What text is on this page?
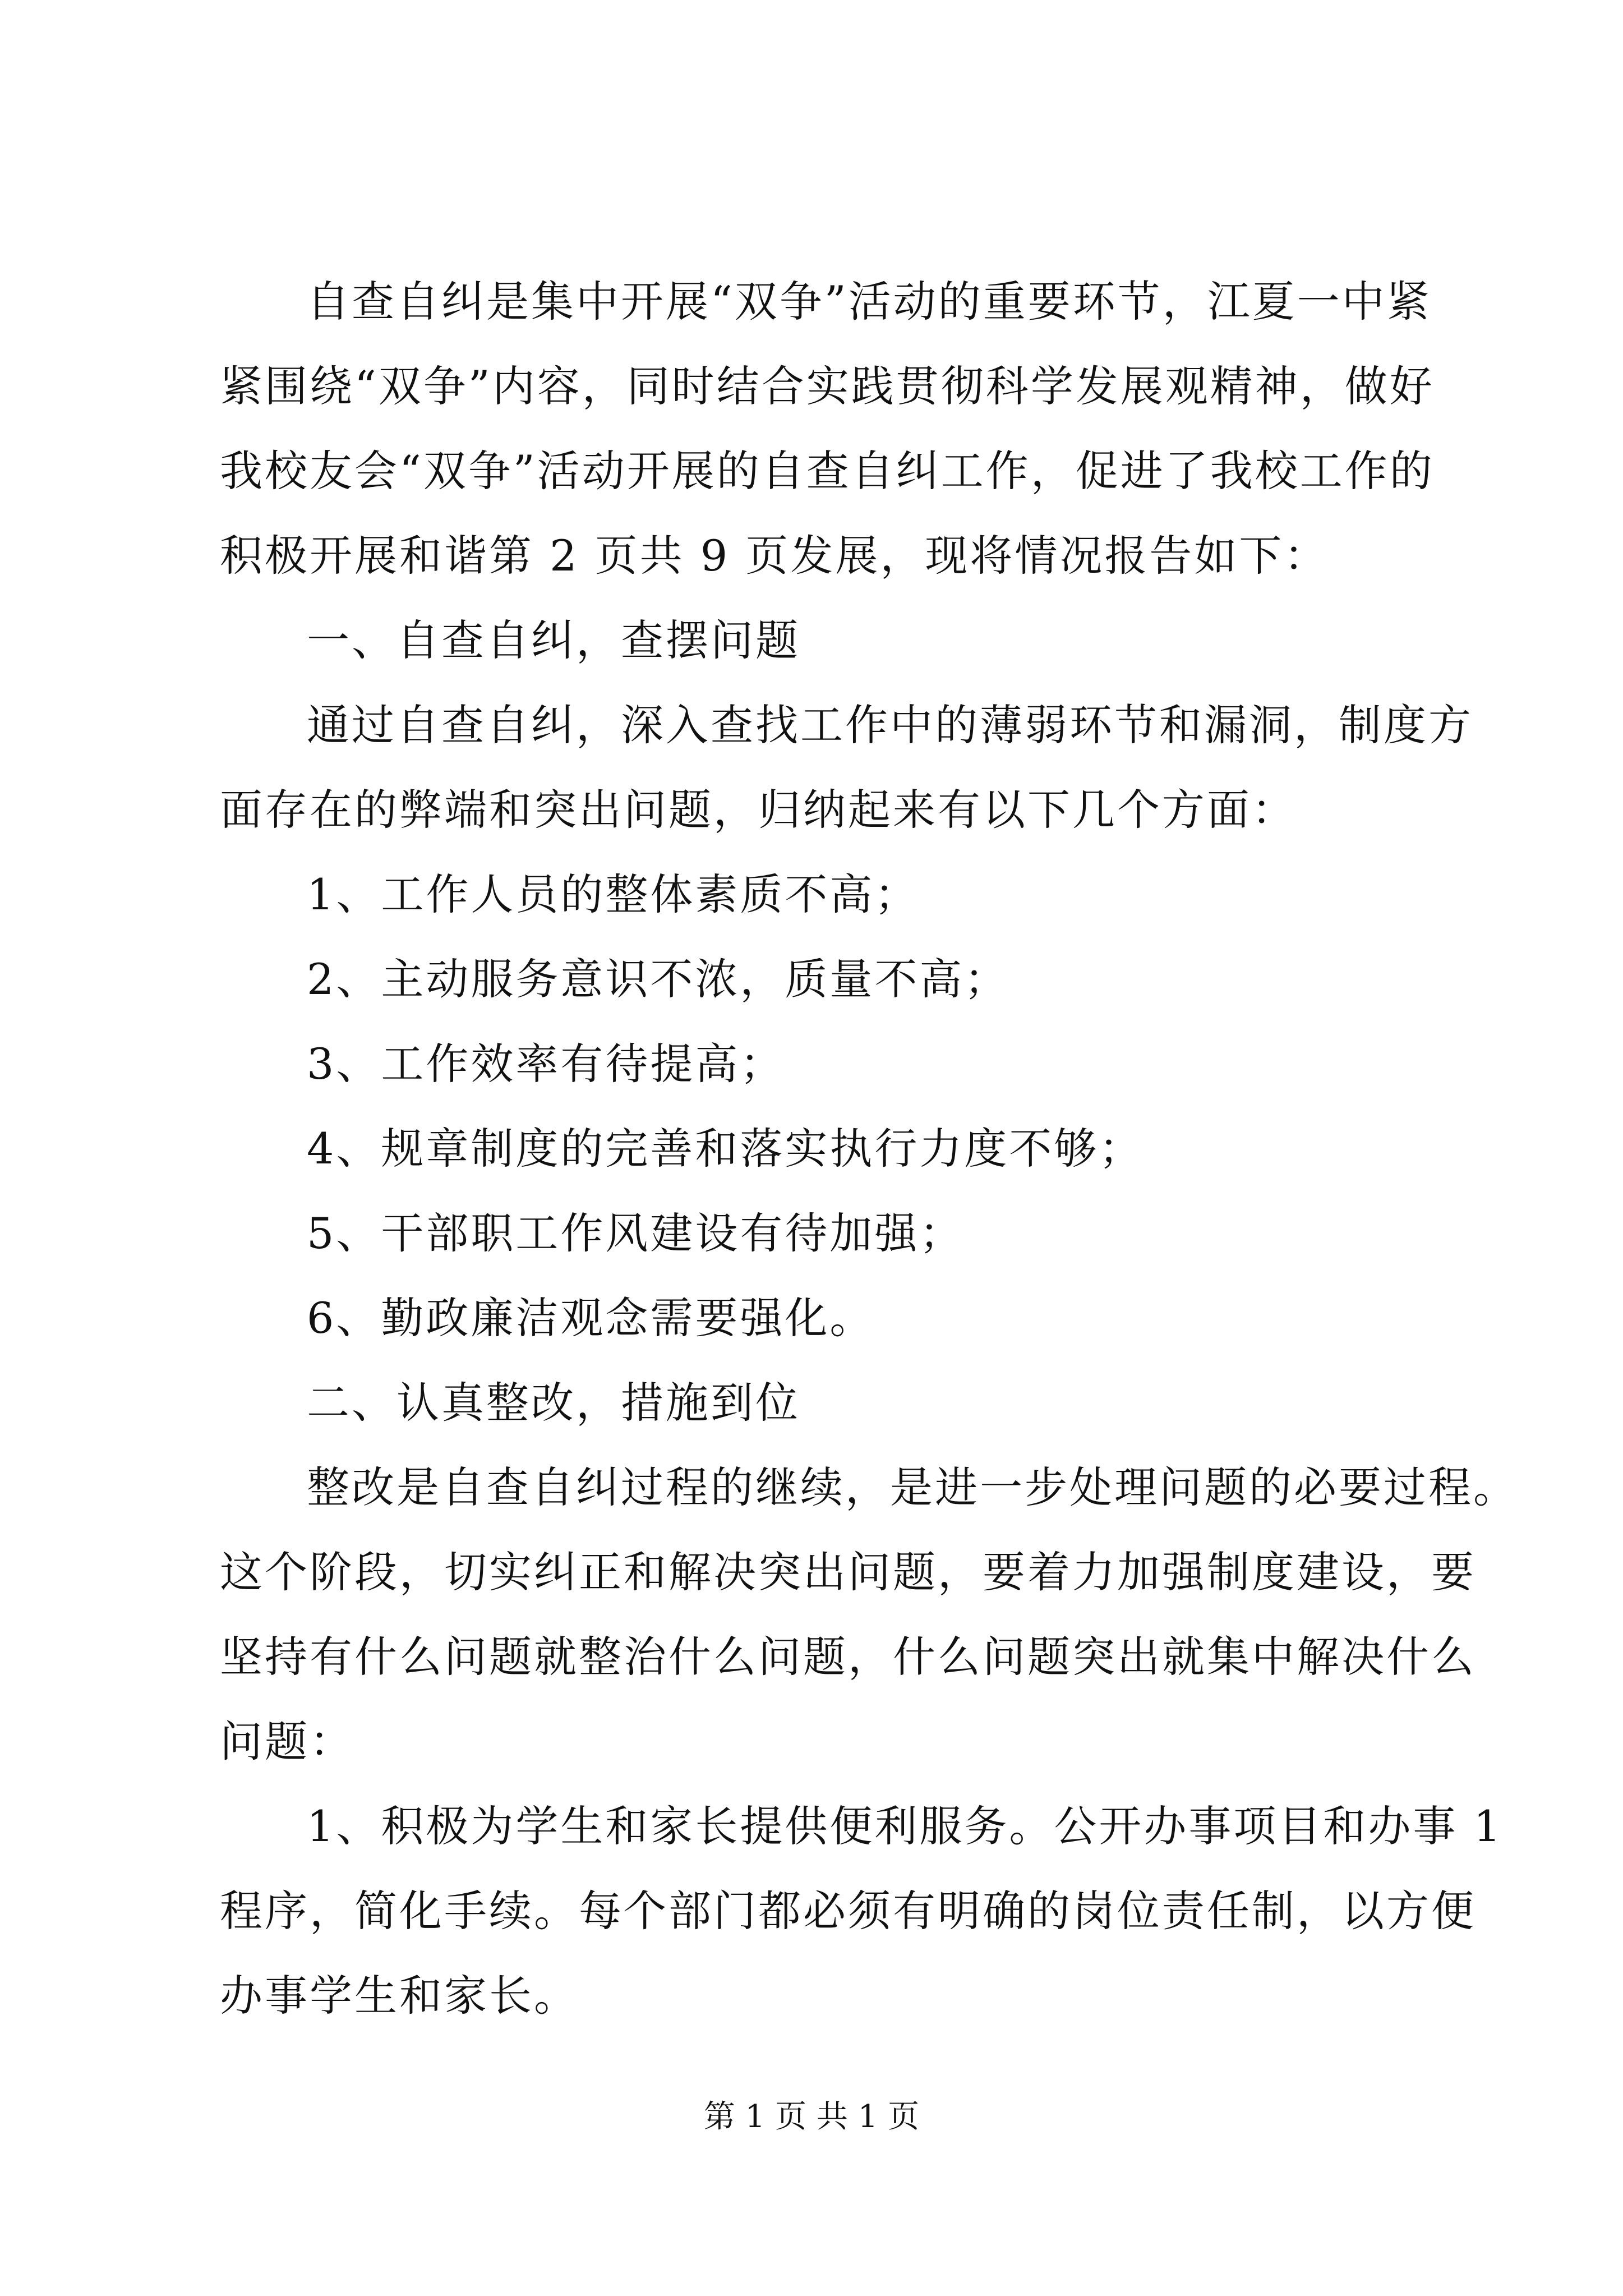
自查自纠是集中开展“双争”活动的重要环节，江夏一中紧
紧围绕“双争”内容，同时结合实践贯彻科学发展观精神，做好
我校友会“双争”活动开展的自查自纠工作，促进了我校工作的
积极开展和谐第 2 页共 9 页发展，现将情况报告如下：
一、自查自纠，查摆问题
通过自查自纠，深入查找工作中的薄弱环节和漏洞，制度方
面存在的弊端和突出问题，归纳起来有以下几个方面：
1、工作人员的整体素质不高；
2、主动服务意识不浓，质量不高；
3、工作效率有待提高；
4、规章制度的完善和落实执行力度不够；
5、干部职工作风建设有待加强；
6、勤政廉洁观念需要强化。
二、认真整改，措施到位
整改是自查自纠过程的继续，是进一步处理问题的必要过程。
这个阶段，切实纠正和解决突出问题，要着力加强制度建设，要
坚持有什么问题就整治什么问题，什么问题突出就集中解决什么
问题：
1、积极为学生和家长提供便利服务。公开办事项目和办事 1
程序，简化手续。每个部门都必须有明确的岗位责任制，以方便
办事学生和家长。
第 1 页 共 1 页
